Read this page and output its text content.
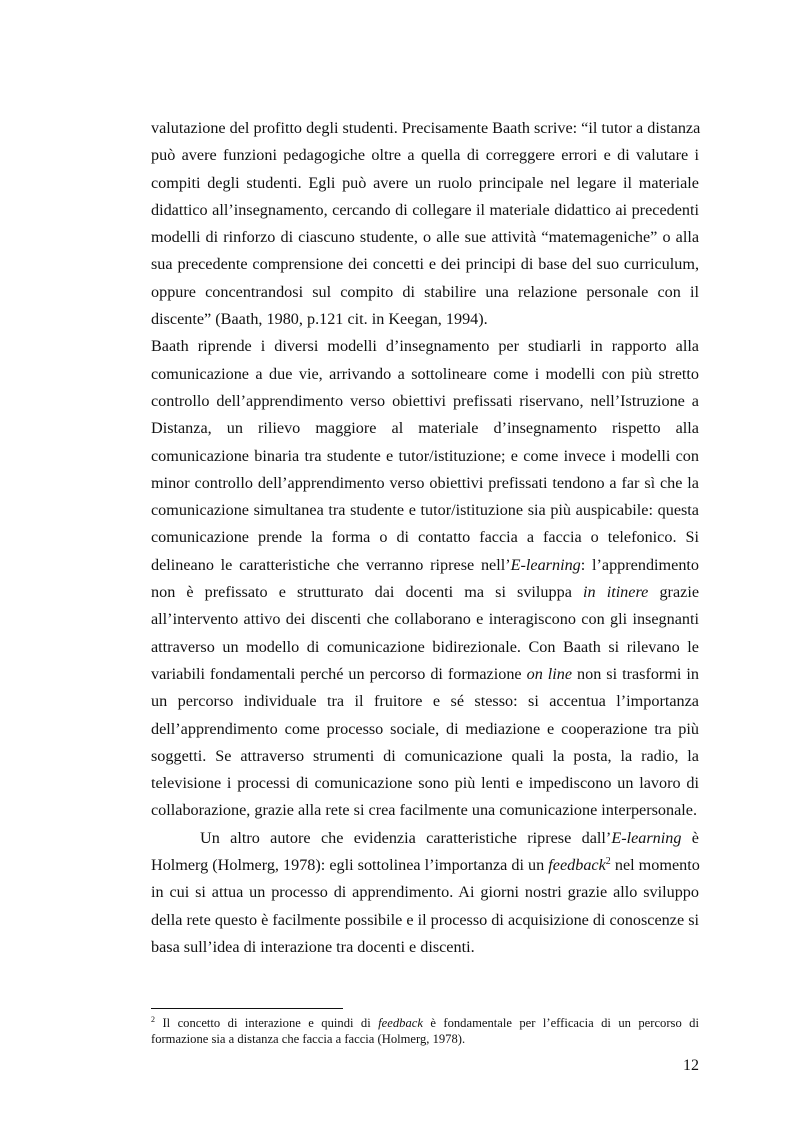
valutazione del profitto degli studenti. Precisamente Baath scrive: “il tutor a distanza
può avere funzioni pedagogiche oltre a quella di correggere errori e di valutare i
compiti degli studenti. Egli può avere un ruolo principale nel legare il materiale
didattico all’insegnamento, cercando di collegare il materiale didattico ai precedenti
modelli di rinforzo di ciascuno studente, o alle sue attività “matemageniche” o alla
sua precedente comprensione dei concetti e dei principi di base del suo curriculum,
oppure concentrandosi sul compito di stabilire una relazione personale con il
discente” (Baath, 1980, p.121 cit. in Keegan, 1994).

Baath riprende i diversi modelli d’insegnamento per studiarli in rapporto alla
comunicazione a due vie, arrivando a sottolineare come i modelli con più stretto
controllo dell’apprendimento verso obiettivi prefissati riservano, nell’Istruzione a
Distanza, un rilievo maggiore al materiale d’insegnamento rispetto alla
comunicazione binaria tra studente e tutor/istituzione; e come invece i modelli con
minor controllo dell’apprendimento verso obiettivi prefissati tendono a far sì che la
comunicazione simultanea tra studente e tutor/istituzione sia più auspicabile: questa
comunicazione prende la forma o di contatto faccia a faccia o telefonico. Si
delineano le caratteristiche che verranno riprese nell’E-learning: l’apprendimento
non è prefissato e strutturato dai docenti ma si sviluppa in itinere grazie
all’intervento attivo dei discenti che collaborano e interagiscono con gli insegnanti
attraverso un modello di comunicazione bidirezionale. Con Baath si rilevano le
variabili fondamentali perché un percorso di formazione on line non si trasformi in
un percorso individuale tra il fruitore e sé stesso: si accentua l’importanza
dell’apprendimento come processo sociale, di mediazione e cooperazione tra più
soggetti. Se attraverso strumenti di comunicazione quali la posta, la radio, la
televisione i processi di comunicazione sono più lenti e impediscono un lavoro di
collaborazione, grazie alla rete si crea facilmente una comunicazione interpersonale.

Un altro autore che evidenzia caratteristiche riprese dall’E-learning è
Holmerg (Holmerg, 1978): egli sottolinea l’importanza di un feedback$^2$ nel momento
in cui si attua un processo di apprendimento. Ai giorni nostri grazie allo sviluppo
della rete questo è facilmente possibile e il processo di acquisizione di conoscenze si
basa sull’idea di interazione tra docenti e discenti.

$^2$ Il concetto di interazione e quindi di feedback è fondamentale per l’efficacia di un percorso di
formazione sia a distanza che faccia a faccia (Holmerg, 1978).
12
